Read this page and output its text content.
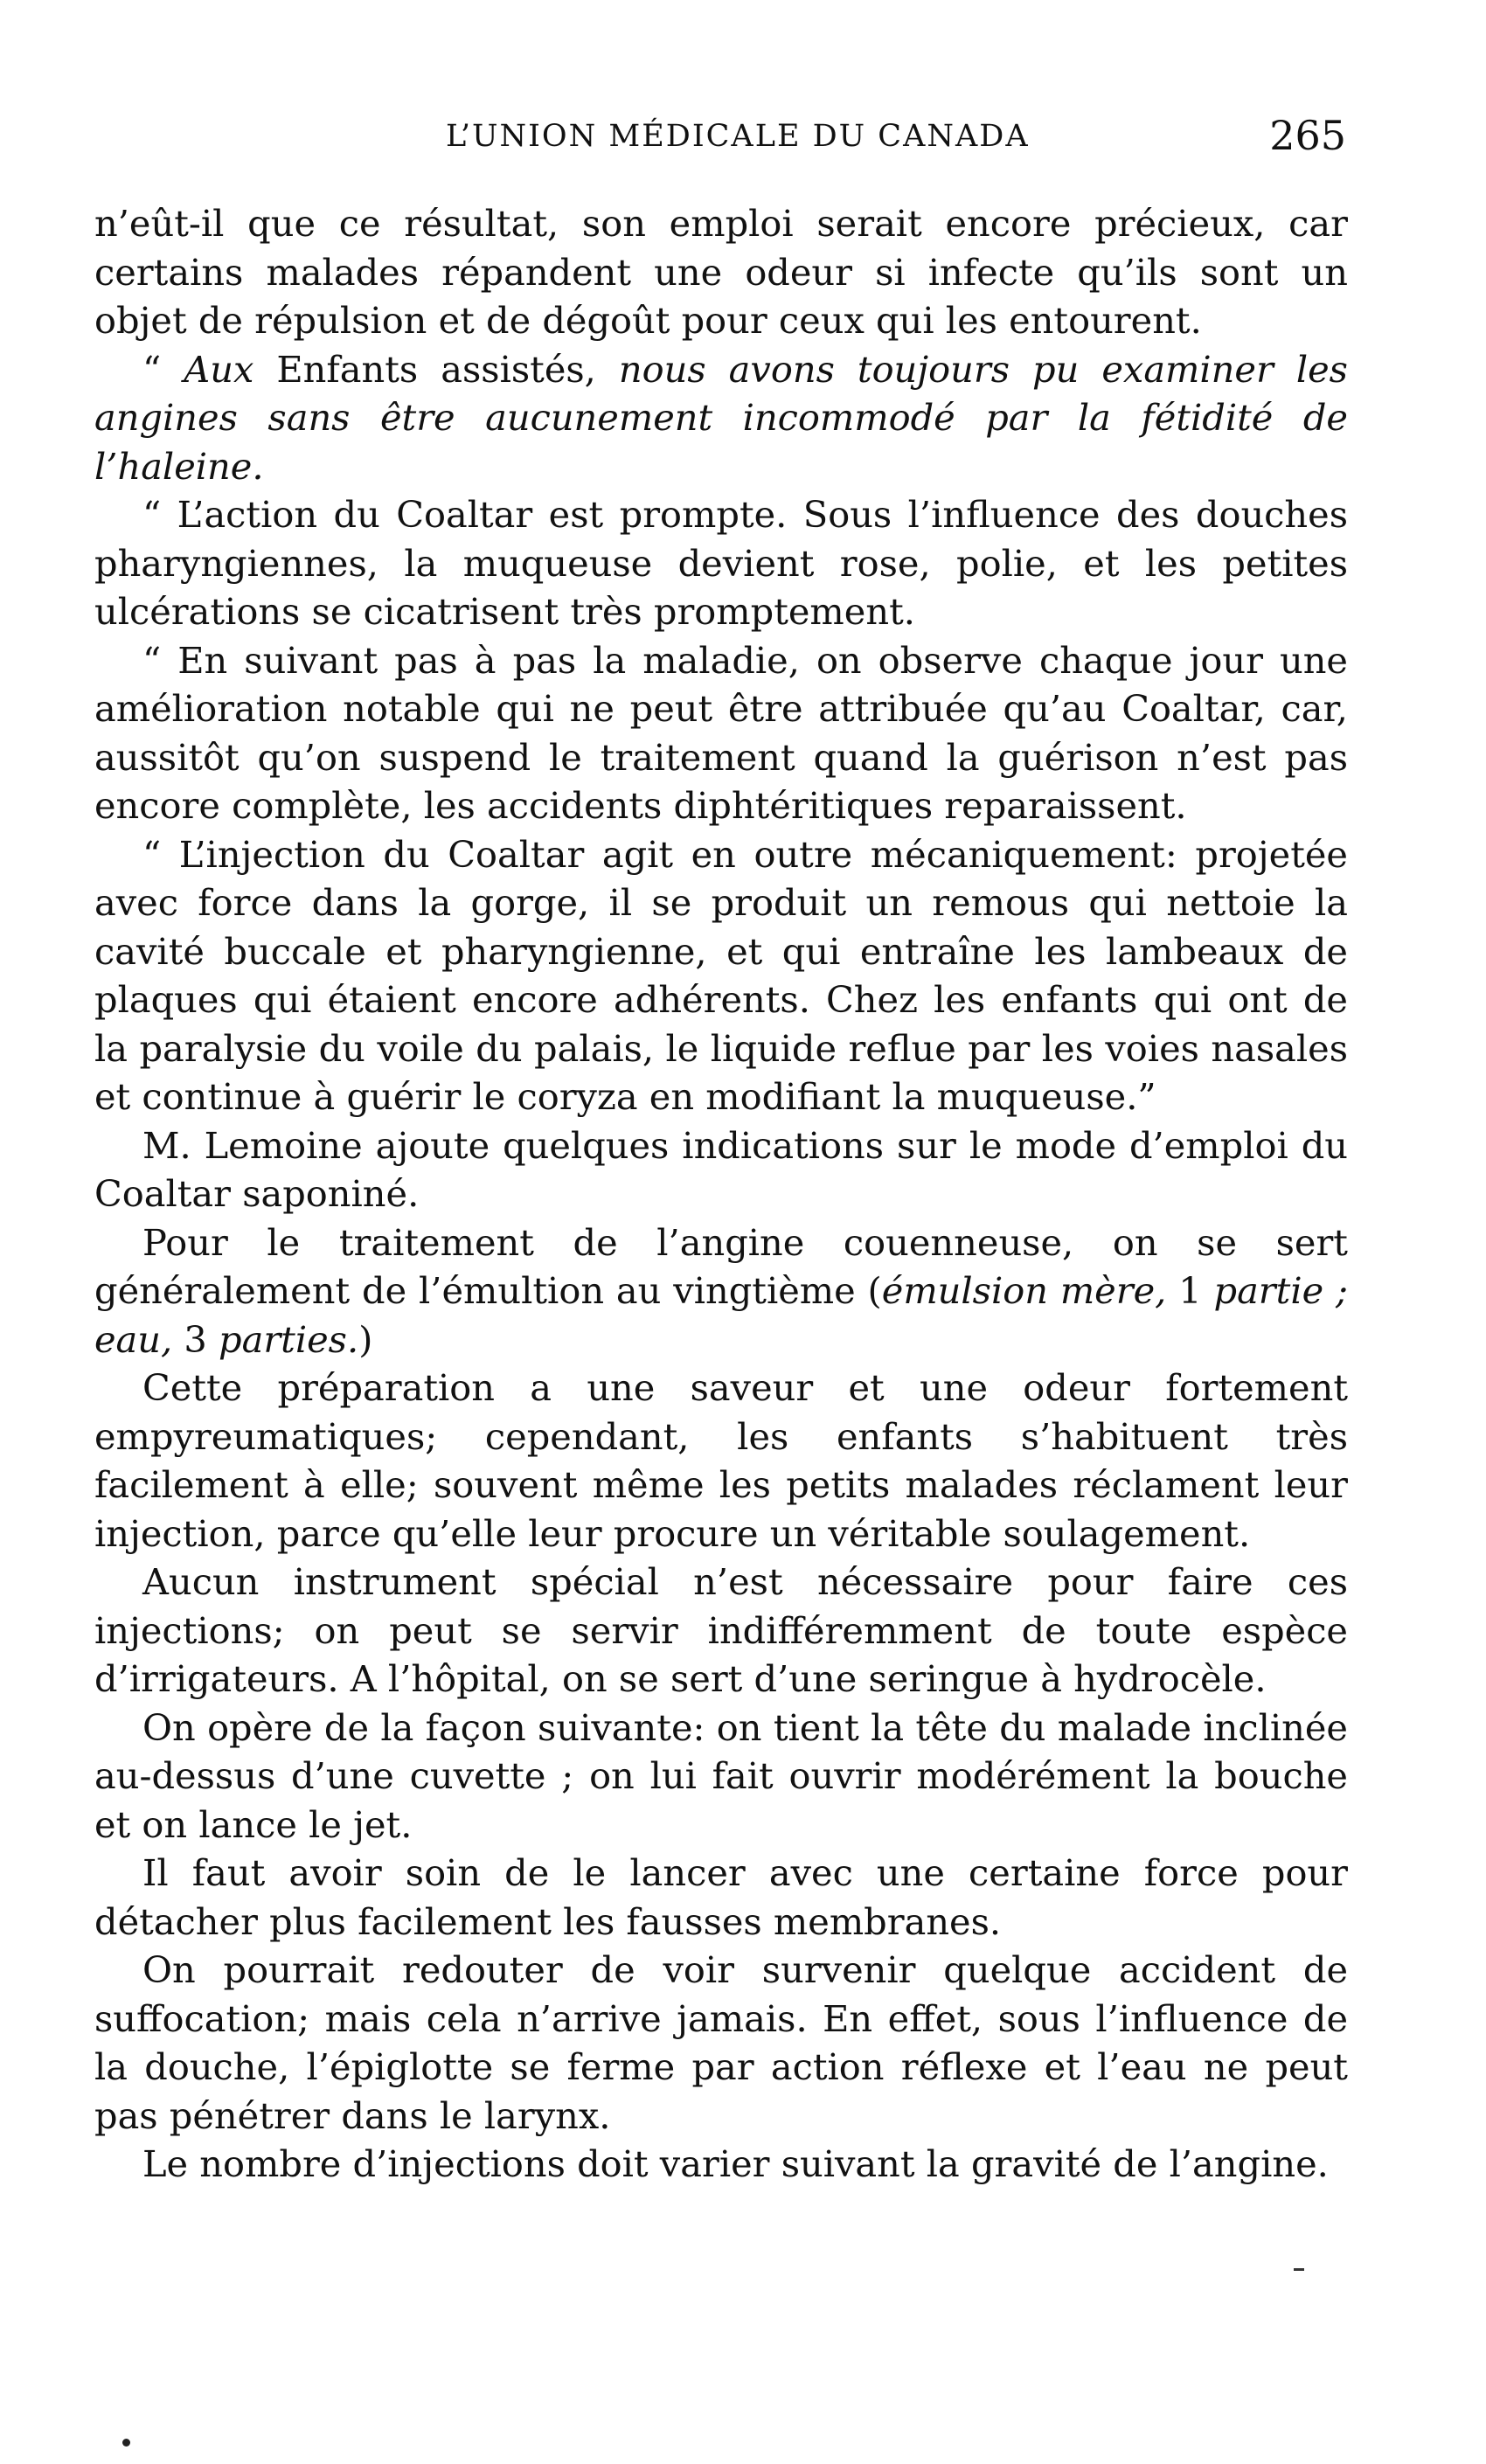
L’UNION MÉDICALE DU CANADA	265

n’eût-il que ce résultat, son emploi serait encore précieux, car certains malades répandent une odeur si infecte qu’ils sont un objet de répulsion et de dégoût pour ceux qui les entourent.

“ Aux Enfants assistés, nous avons toujours pu examiner les angines sans être aucunement incommodé par la fétidité de l’haleine.

“ L’action du Coaltar est prompte. Sous l’influence des douches pharyngiennes, la muqueuse devient rose, polie, et les petites ulcérations se cicatrisent très promptement.

“ En suivant pas à pas la maladie, on observe chaque jour une amélioration notable qui ne peut être attribuée qu’au Coaltar, car, aussitôt qu’on suspend le traitement quand la guérison n’est pas encore complète, les accidents diphtéritiques reparaissent.

“ L’injection du Coaltar agit en outre mécaniquement: projetée avec force dans la gorge, il se produit un remous qui nettoie la cavité buccale et pharyngienne, et qui entraîne les lambeaux de plaques qui étaient encore adhérents. Chez les enfants qui ont de la paralysie du voile du palais, le liquide reflue par les voies nasales et continue à guérir le coryza en modifiant la muqueuse.”

M. Lemoine ajoute quelques indications sur le mode d’emploi du Coaltar saponiné.

Pour le traitement de l’angine couenneuse, on se sert généralement de l’émultion au vingtième (émulsion mère, 1 partie ; eau, 3 parties.)

Cette préparation a une saveur et une odeur fortement empyreumatiques; cependant, les enfants s’habituent très facilement à elle; souvent même les petits malades réclament leur injection, parce qu’elle leur procure un véritable soulagement.

Aucun instrument spécial n’est nécessaire pour faire ces injections; on peut se servir indifféremment de toute espèce d’irrigateurs. A l’hôpital, on se sert d’une seringue à hydrocèle.

On opère de la façon suivante: on tient la tête du malade inclinée au-dessus d’une cuvette ; on lui fait ouvrir modérément la bouche et on lance le jet.

Il faut avoir soin de le lancer avec une certaine force pour détacher plus facilement les fausses membranes.

On pourrait redouter de voir survenir quelque accident de suffocation; mais cela n’arrive jamais. En effet, sous l’influence de la douche, l’épiglotte se ferme par action réflexe et l’eau ne peut pas pénétrer dans le larynx.

Le nombre d’injections doit varier suivant la gravité de l’angine.
